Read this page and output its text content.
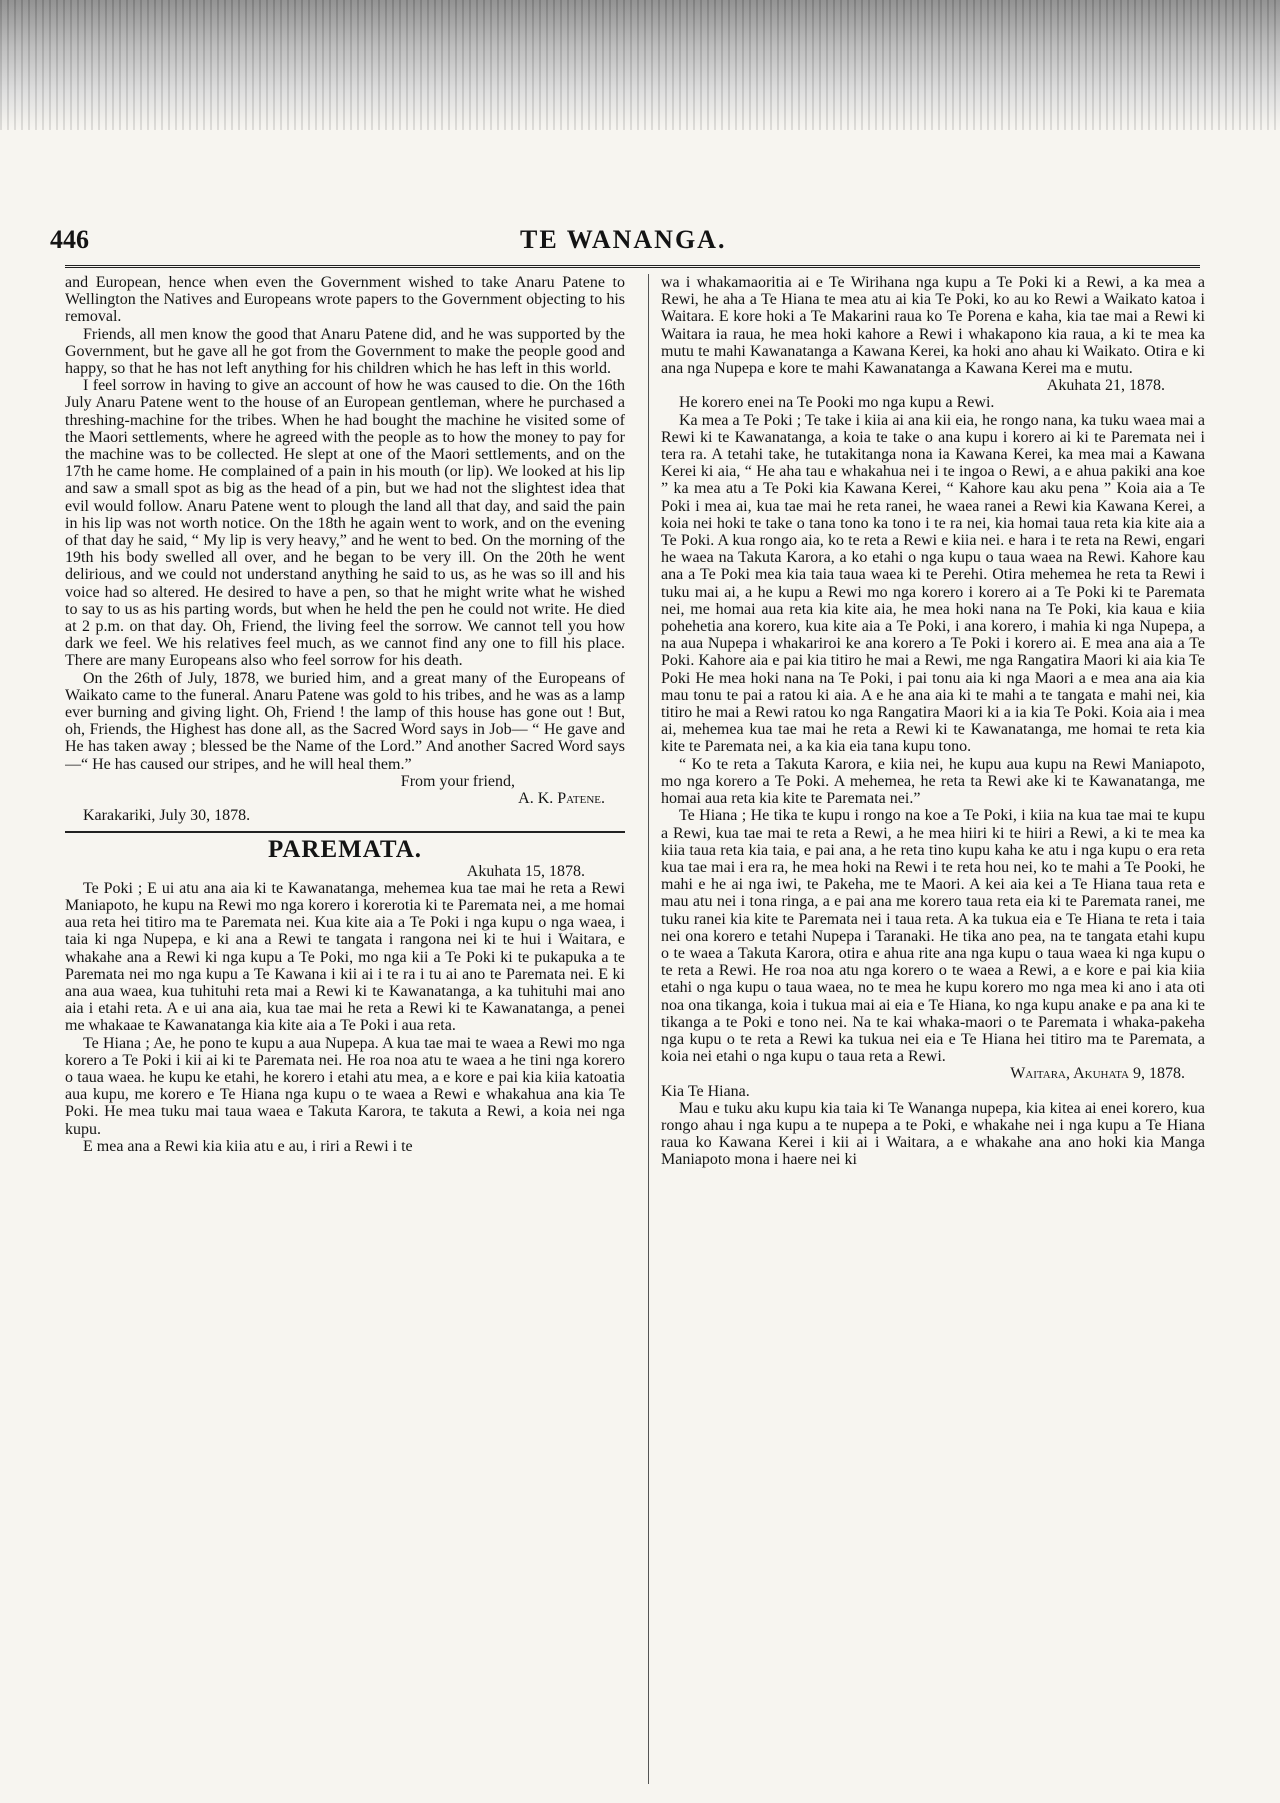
446	TE WANANGA.

and European, hence when even the Government wished to take Anaru Patene to Wellington the Natives and Europeans wrote papers to the Government objecting to his removal.

Friends, all men know the good that Anaru Patene did, and he was supported by the Government, but he gave all he got from the Government to make the people good and happy, so that he has not left anything for his children which he has left in this world.

I feel sorrow in having to give an account of how he was caused to die. On the 16th July Anaru Patene went to the house of an European gentleman, where he purchased a threshing-machine for the tribes. When he had bought the machine he visited some of the Maori settlements, where he agreed with the people as to how the money to pay for the machine was to be collected. He slept at one of the Maori settlements, and on the 17th he came home. He complained of a pain in his mouth (or lip). We looked at his lip and saw a small spot as big as the head of a pin, but we had not the slightest idea that evil would follow. Anaru Patene went to plough the land all that day, and said the pain in his lip was not worth notice. On the 18th he again went to work, and on the evening of that day he said, “ My lip is very heavy,” and he went to bed. On the morning of the 19th his body swelled all over, and he began to be very ill. On the 20th he went delirious, and we could not understand anything he said to us, as he was so ill and his voice had so altered. He desired to have a pen, so that he might write what he wished to say to us as his parting words, but when he held the pen he could not write. He died at 2 p.m. on that day. Oh, Friend, the living feel the sorrow. We cannot tell you how dark we feel. We his relatives feel much, as we cannot find any one to fill his place. There are many Europeans also who feel sorrow for his death.

On the 26th of July, 1878, we buried him, and a great many of the Europeans of Waikato came to the funeral. Anaru Patene was gold to his tribes, and he was as a lamp ever burning and giving light. Oh, Friend ! the lamp of this house has gone out ! But, oh, Friends, the Highest has done all, as the Sacred Word says in Job— “ He gave and He has taken away ; blessed be the Name of the Lord.” And another Sacred Word says—“ He has caused our stripes, and he will heal them.”

From your friend,

A. K. Patene.

Karakariki, July 30, 1878.

PAREMATA.

Akuhata 15, 1878.

Te Poki ; E ui atu ana aia ki te Kawanatanga, mehemea kua tae mai he reta a Rewi Maniapoto, he kupu na Rewi mo nga korero i korerotia ki te Paremata nei, a me homai aua reta hei titiro ma te Paremata nei. Kua kite aia a Te Poki i nga kupu o nga waea, i taia ki nga Nupepa, e ki ana a Rewi te tangata i rangona nei ki te hui i Waitara, e whakahe ana a Rewi ki nga kupu a Te Poki, mo nga kii a Te Poki ki te pukapuka a te Paremata nei mo nga kupu a Te Kawana i kii ai i te ra i tu ai ano te Paremata nei. E ki ana aua waea, kua tuhituhi reta mai a Rewi ki te Kawanatanga, a ka tuhituhi mai ano aia i etahi reta. A e ui ana aia, kua tae mai he reta a Rewi ki te Kawanatanga, a penei me whakaae te Kawanatanga kia kite aia a Te Poki i aua reta.

Te Hiana ; Ae, he pono te kupu a aua Nupepa. A kua tae mai te waea a Rewi mo nga korero a Te Poki i kii ai ki te Paremata nei. He roa noa atu te waea a he tini nga korero o taua waea. he kupu ke etahi, he korero i etahi atu mea, a e kore e pai kia kiia katoatia aua kupu, me korero e Te Hiana nga kupu o te waea a Rewi e whakahua ana kia Te Poki. He mea tuku mai taua waea e Takuta Karora, te takuta a Rewi, a koia nei nga kupu.

E mea ana a Rewi kia kiia atu e au, i riri a Rewi i te

wa i whakamaoritia ai e Te Wirihana nga kupu a Te Poki ki a Rewi, a ka mea a Rewi, he aha a Te Hiana te mea atu ai kia Te Poki, ko au ko Rewi a Waikato katoa i Waitara. E kore hoki a Te Makarini raua ko Te Porena e kaha, kia tae mai a Rewi ki Waitara ia raua, he mea hoki kahore a Rewi i whakapono kia raua, a ki te mea ka mutu te mahi Kawanatanga a Kawana Kerei, ka hoki ano ahau ki Waikato. Otira e ki ana nga Nupepa e kore te mahi Kawanatanga a Kawana Kerei ma e mutu.

Akuhata 21, 1878.

He korero enei na Te Pooki mo nga kupu a Rewi.

Ka mea a Te Poki ; Te take i kiia ai ana kii eia, he rongo nana, ka tuku waea mai a Rewi ki te Kawanatanga, a koia te take o ana kupu i korero ai ki te Paremata nei i tera ra. A tetahi take, he tutakitanga nona ia Kawana Kerei, ka mea mai a Kawana Kerei ki aia, “ He aha tau e whakahua nei i te ingoa o Rewi, a e ahua pakiki ana koe ” ka mea atu a Te Poki kia Kawana Kerei, “ Kahore kau aku pena ” Koia aia a Te Poki i mea ai, kua tae mai he reta ranei, he waea ranei a Rewi kia Kawana Kerei, a koia nei hoki te take o tana tono ka tono i te ra nei, kia homai taua reta kia kite aia a Te Poki. A kua rongo aia, ko te reta a Rewi e kiia nei. e hara i te reta na Rewi, engari he waea na Takuta Karora, a ko etahi o nga kupu o taua waea na Rewi. Kahore kau ana a Te Poki mea kia taia taua waea ki te Perehi. Otira mehemea he reta ta Rewi i tuku mai ai, a he kupu a Rewi mo nga korero i korero ai a Te Poki ki te Paremata nei, me homai aua reta kia kite aia, he mea hoki nana na Te Poki, kia kaua e kiia pohehetia ana korero, kua kite aia a Te Poki, i ana korero, i mahia ki nga Nupepa, a na aua Nupepa i whakariroi ke ana korero a Te Poki i korero ai. E mea ana aia a Te Poki. Kahore aia e pai kia titiro he mai a Rewi, me nga Rangatira Maori ki aia kia Te Poki He mea hoki nana na Te Poki, i pai tonu aia ki nga Maori a e mea ana aia kia mau tonu te pai a ratou ki aia. A e he ana aia ki te mahi a te tangata e mahi nei, kia titiro he mai a Rewi ratou ko nga Rangatira Maori ki a ia kia Te Poki. Koia aia i mea ai, mehemea kua tae mai he reta a Rewi ki te Kawanatanga, me homai te reta kia kite te Paremata nei, a ka kia eia tana kupu tono.

“ Ko te reta a Takuta Karora, e kiia nei, he kupu aua kupu na Rewi Maniapoto, mo nga korero a Te Poki. A mehemea, he reta ta Rewi ake ki te Kawanatanga, me homai aua reta kia kite te Paremata nei.”

Te Hiana ; He tika te kupu i rongo na koe a Te Poki, i kiia na kua tae mai te kupu a Rewi, kua tae mai te reta a Rewi, a he mea hiiri ki te hiiri a Rewi, a ki te mea ka kiia taua reta kia taia, e pai ana, a he reta tino kupu kaha ke atu i nga kupu o era reta kua tae mai i era ra, he mea hoki na Rewi i te reta hou nei, ko te mahi a Te Pooki, he mahi e he ai nga iwi, te Pakeha, me te Maori. A kei aia kei a Te Hiana taua reta e mau atu nei i tona ringa, a e pai ana me korero taua reta eia ki te Paremata ranei, me tuku ranei kia kite te Paremata nei i taua reta. A ka tukua eia e Te Hiana te reta i taia nei ona korero e tetahi Nupepa i Taranaki. He tika ano pea, na te tangata etahi kupu o te waea a Takuta Karora, otira e ahua rite ana nga kupu o taua waea ki nga kupu o te reta a Rewi. He roa noa atu nga korero o te waea a Rewi, a e kore e pai kia kiia etahi o nga kupu o taua waea, no te mea he kupu korero mo nga mea ki ano i ata oti noa ona tikanga, koia i tukua mai ai eia e Te Hiana, ko nga kupu anake e pa ana ki te tikanga a te Poki e tono nei. Na te kai whaka-maori o te Paremata i whaka-pakeha nga kupu o te reta a Rewi ka tukua nei eia e Te Hiana hei titiro ma te Paremata, a koia nei etahi o nga kupu o taua reta a Rewi.

Waitara, Akuhata 9, 1878.

Kia Te Hiana.

Mau e tuku aku kupu kia taia ki Te Wananga nupepa, kia kitea ai enei korero, kua rongo ahau i nga kupu a te nupepa a te Poki, e whakahe nei i nga kupu a Te Hiana raua ko Kawana Kerei i kii ai i Waitara, a e whakahe ana ano hoki kia Manga Maniapoto mona i haere nei ki
